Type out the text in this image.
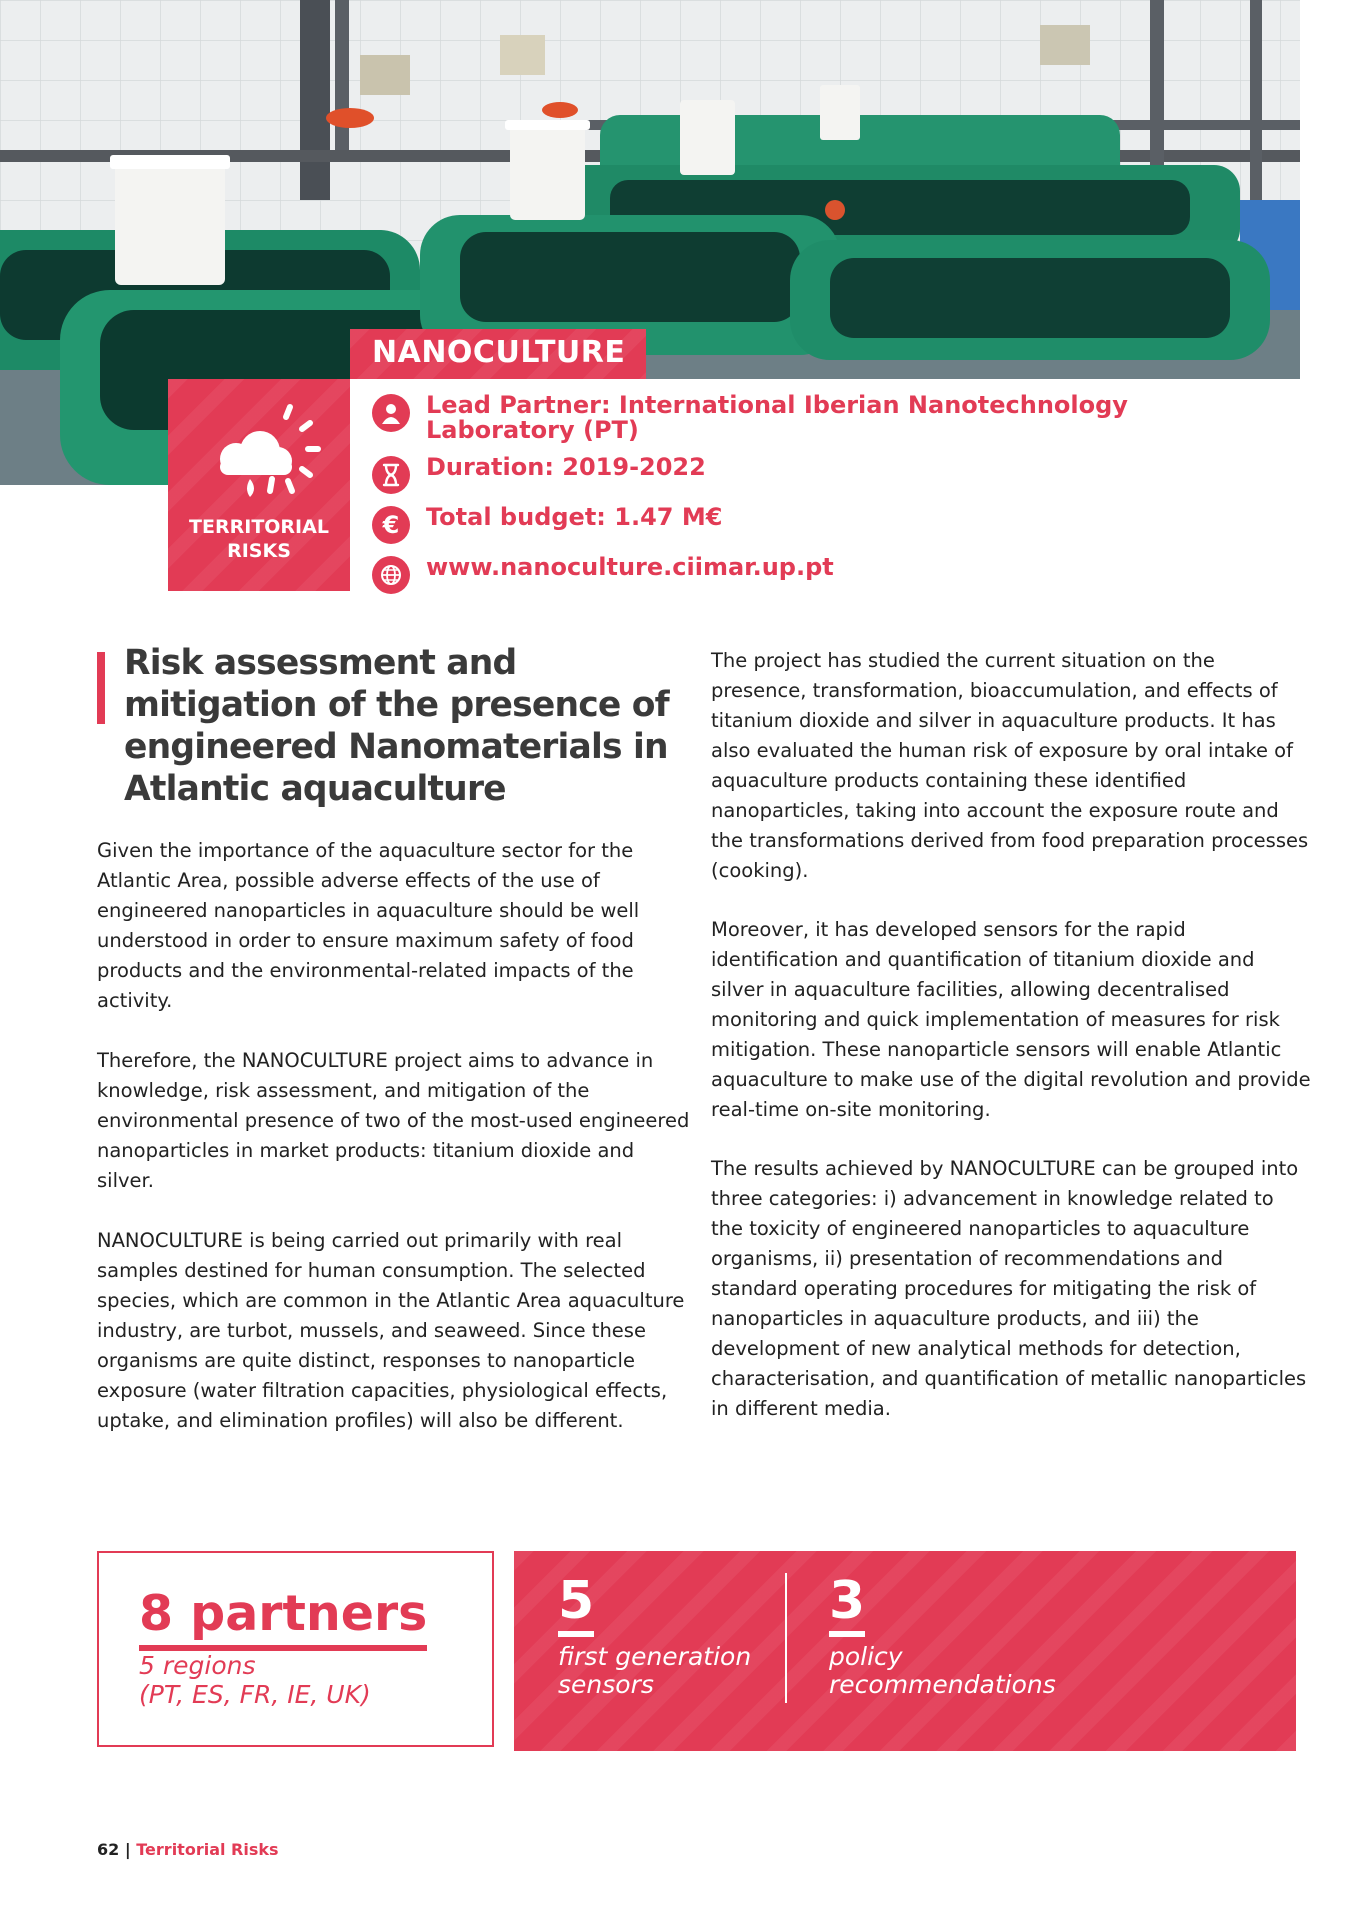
TERRITORIAL
RISKS
NANOCULTURE
Lead Partner: International Iberian Nanotechnology Laboratory (PT)
Duration: 2019-2022
€ Total budget: 1.47 M€
www.nanoculture.ciimar.up.pt
Risk assessment and mitigation of the presence of engineered Nanomaterials in Atlantic aquaculture

Given the importance of the aquaculture sector for the Atlantic Area, possible adverse effects of the use of engineered nanoparticles in aquaculture should be well understood in order to ensure maximum safety of food products and the environmental-related impacts of the activity.

Therefore, the NANOCULTURE project aims to advance in knowledge, risk assessment, and mitigation of the environmental presence of two of the most-used engineered nanoparticles in market products: titanium dioxide and silver.

NANOCULTURE is being carried out primarily with real samples destined for human consumption. The selected species, which are common in the Atlantic Area aquaculture industry, are turbot, mussels, and seaweed. Since these organisms are quite distinct, responses to nanoparticle exposure (water filtration capacities, physiological effects, uptake, and elimination profiles) will also be different.

The project has studied the current situation on the presence, transformation, bioaccumulation, and effects of titanium dioxide and silver in aquaculture products. It has also evaluated the human risk of exposure by oral intake of aquaculture products containing these identified nanoparticles, taking into account the exposure route and the transformations derived from food preparation processes (cooking).

Moreover, it has developed sensors for the rapid identification and quantification of titanium dioxide and silver in aquaculture facilities, allowing decentralised monitoring and quick implementation of measures for risk mitigation. These nanoparticle sensors will enable Atlantic aquaculture to make use of the digital revolution and provide real-time on-site monitoring.

The results achieved by NANOCULTURE can be grouped into three categories: i) advancement in knowledge related to the toxicity of engineered nanoparticles to aquaculture organisms, ii) presentation of recommendations and standard operating procedures for mitigating the risk of nanoparticles in aquaculture products, and iii) the development of new analytical methods for detection, characterisation, and quantification of metallic nanoparticles in different media.

8 partners
5 regions
(PT, ES, FR, IE, UK)
5
first generation
sensors
3
policy
recommendations
62 | Territorial Risks
